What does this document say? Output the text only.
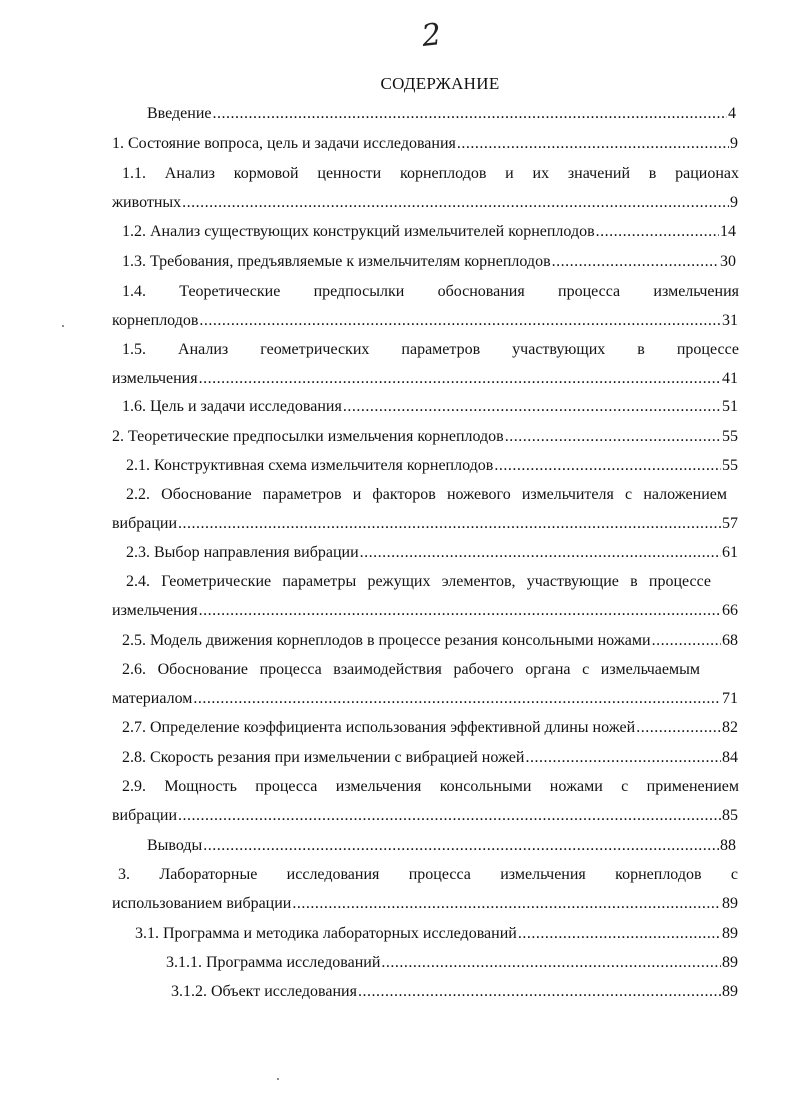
2
СОДЕРЖАНИЕ
Введение .....	4
1. Состояние вопроса, цель и задачи исследования .....	9
1.1. Анализ кормовой ценности корнеплодов и их значений в рационах
животных .....	9
1.2. Анализ существующих конструкций измельчителей корнеплодов .....	14
1.3. Требования, предъявляемые к измельчителям корнеплодов .....	30
1.4. Теоретические предпосылки обоснования процесса измельчения
корнеплодов .....	31
1.5. Анализ геометрических параметров участвующих в процессе
измельчения .....	41
1.6. Цель и задачи исследования .....	51
2. Теоретические предпосылки измельчения корнеплодов .....	55
2.1. Конструктивная схема измельчителя корнеплодов .....	55
2.2. Обоснование параметров и факторов ножевого измельчителя с наложением
вибрации .....	57
2.3. Выбор направления вибрации .....	61
2.4. Геометрические параметры режущих элементов, участвующие в процессе
измельчения .....	66
2.5. Модель движения корнеплодов в процессе резания консольными ножами .....	68
2.6. Обоснование процесса взаимодействия рабочего органа с измельчаемым
материалом .....	71
2.7. Определение коэффициента использования эффективной длины ножей .....	82
2.8. Скорость резания при измельчении с вибрацией ножей .....	84
2.9. Мощность процесса измельчения консольными ножами с применением
вибрации .....	85
Выводы .....	88
3. Лабораторные исследования процесса измельчения корнеплодов с
использованием вибрации .....	89
3.1. Программа и методика лабораторных исследований .....	89
3.1.1. Программа исследований .....	89
3.1.2. Объект исследования .....	89
